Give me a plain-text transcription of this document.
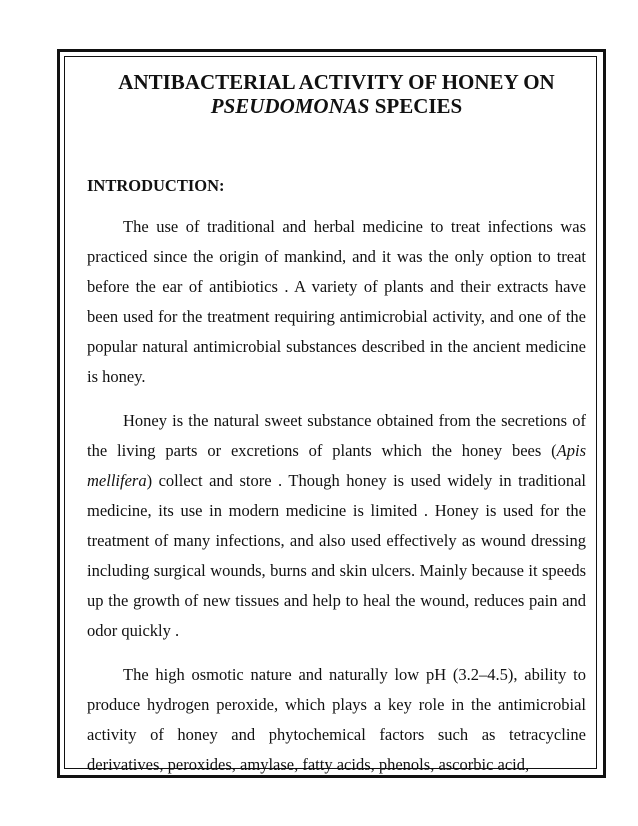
ANTIBACTERIAL ACTIVITY OF HONEY ON
PSEUDOMONAS SPECIES
INTRODUCTION:

The use of traditional and herbal medicine to treat infections was practiced since the origin of mankind, and it was the only option to treat before the ear of antibiotics . A variety of plants and their extracts have been used for the treatment requiring antimicrobial activity, and one of the popular natural antimicrobial substances described in the ancient medicine is honey.

Honey is the natural sweet substance obtained from the secretions of the living parts or excretions of plants which the honey bees (Apis mellifera) collect and store . Though honey is used widely in traditional medicine, its use in modern medicine is limited . Honey is used for the treatment of many infections, and also used effectively as wound dressing including surgical wounds, burns and skin ulcers. Mainly because it speeds up the growth of new tissues and help to heal the wound, reduces pain and odor quickly .

The high osmotic nature and naturally low pH (3.2–4.5), ability to produce hydrogen peroxide, which plays a key role in the antimicrobial activity of honey and phytochemical factors such as tetracycline derivatives, peroxides, amylase, fatty acids, phenols, ascorbic acid,
